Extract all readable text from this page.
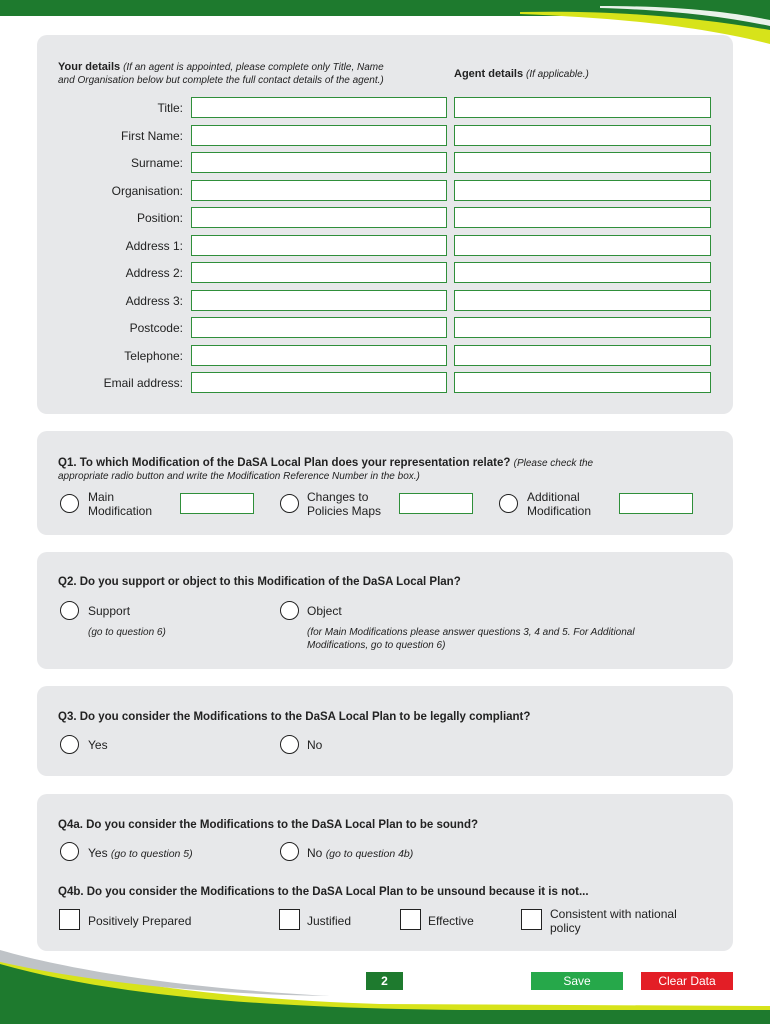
Your details (If an agent is appointed, please complete only Title, Name
and Organisation below but complete the full contact details of the agent.)
Agent details (If applicable.)
Title:
First Name:
Surname:
Organisation:
Position:
Address 1:
Address 2:
Address 3:
Postcode:
Telephone:
Email address:
Q1. To which Modification of the DaSA Local Plan does your representation relate? (Please check the
appropriate radio button and write the Modification Reference Number in the box.)
Main
Modification
Changes to
Policies Maps
Additional
Modification
Q2. Do you support or object to this Modification of the DaSA Local Plan?
Support
(go to question 6)
Object
(for Main Modifications please answer questions 3, 4 and 5. For Additional
Modifications, go to question 6)
Q3. Do you consider the Modifications to the DaSA Local Plan to be legally compliant?
Yes	No
Q4a. Do you consider the Modifications to the DaSA Local Plan to be sound?
Yes (go to question 5)	No (go to question 4b)
Q4b. Do you consider the Modifications to the DaSA Local Plan to be unsound because it is not...
Positively Prepared	Justified	Effective	Consistent with national
policy
2	Save	Clear Data
